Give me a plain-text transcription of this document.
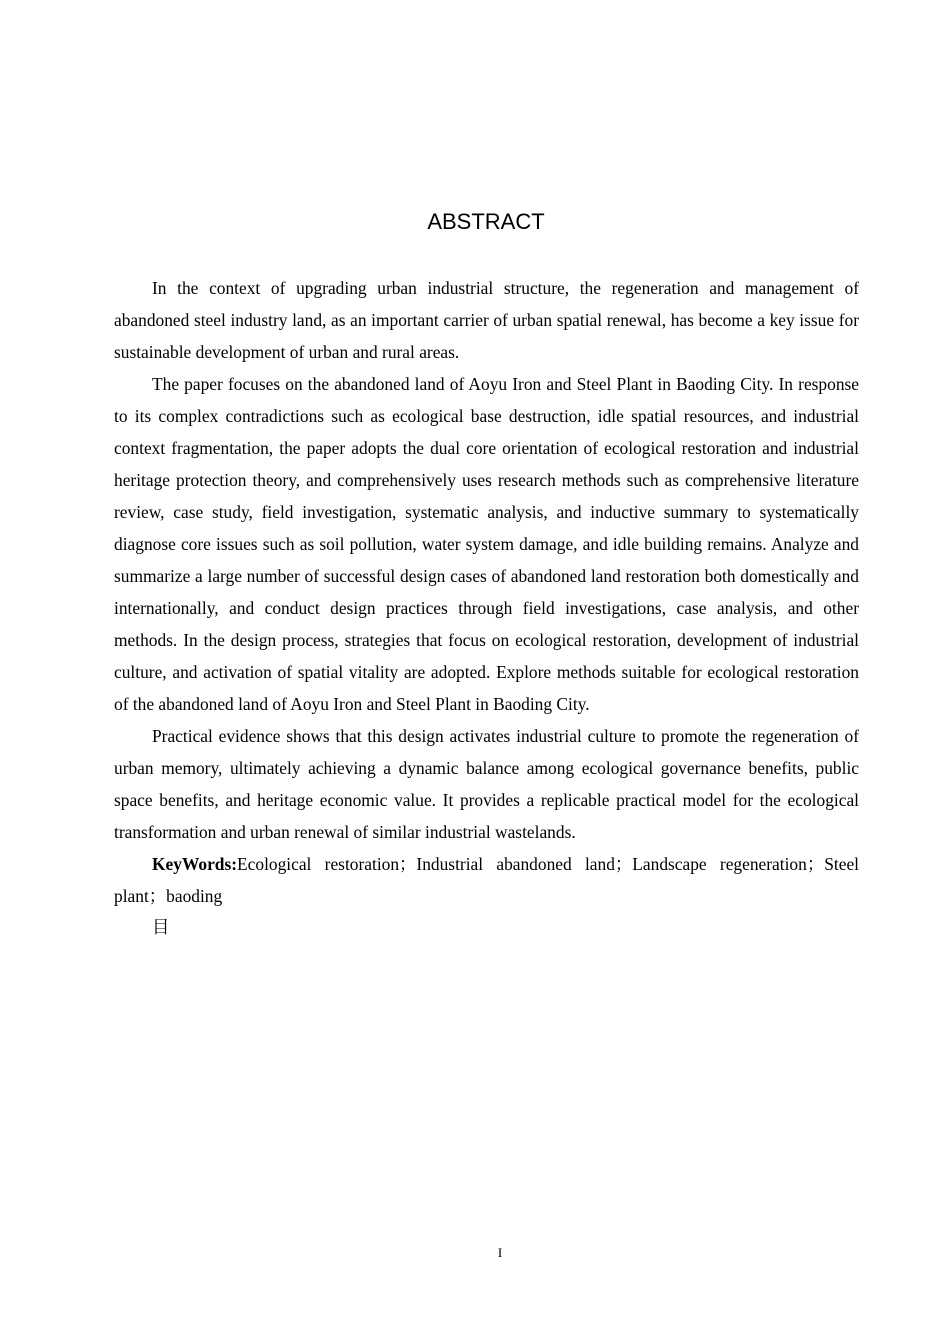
ABSTRACT

In the context of upgrading urban industrial structure, the regeneration and management of abandoned steel industry land, as an important carrier of urban spatial renewal, has become a key issue for sustainable development of urban and rural areas.

The paper focuses on the abandoned land of Aoyu Iron and Steel Plant in Baoding City. In response to its complex contradictions such as ecological base destruction, idle spatial resources, and industrial context fragmentation, the paper adopts the dual core orientation of ecological restoration and industrial heritage protection theory, and comprehensively uses research methods such as comprehensive literature review, case study, field investigation, systematic analysis, and inductive summary to systematically diagnose core issues such as soil pollution, water system damage, and idle building remains. Analyze and summarize a large number of successful design cases of abandoned land restoration both domestically and internationally, and conduct design practices through field investigations, case analysis, and other methods. In the design process, strategies that focus on ecological restoration, development of industrial culture, and activation of spatial vitality are adopted. Explore methods suitable for ecological restoration of the abandoned land of Aoyu Iron and Steel Plant in Baoding City.

Practical evidence shows that this design activates industrial culture to promote the regeneration of urban memory, ultimately achieving a dynamic balance among ecological governance benefits, public space benefits, and heritage economic value. It provides a replicable practical model for the ecological transformation and urban renewal of similar industrial wastelands.

KeyWords:Ecological restoration；Industrial abandoned land；Landscape regeneration；Steel plant；baoding

目

I
